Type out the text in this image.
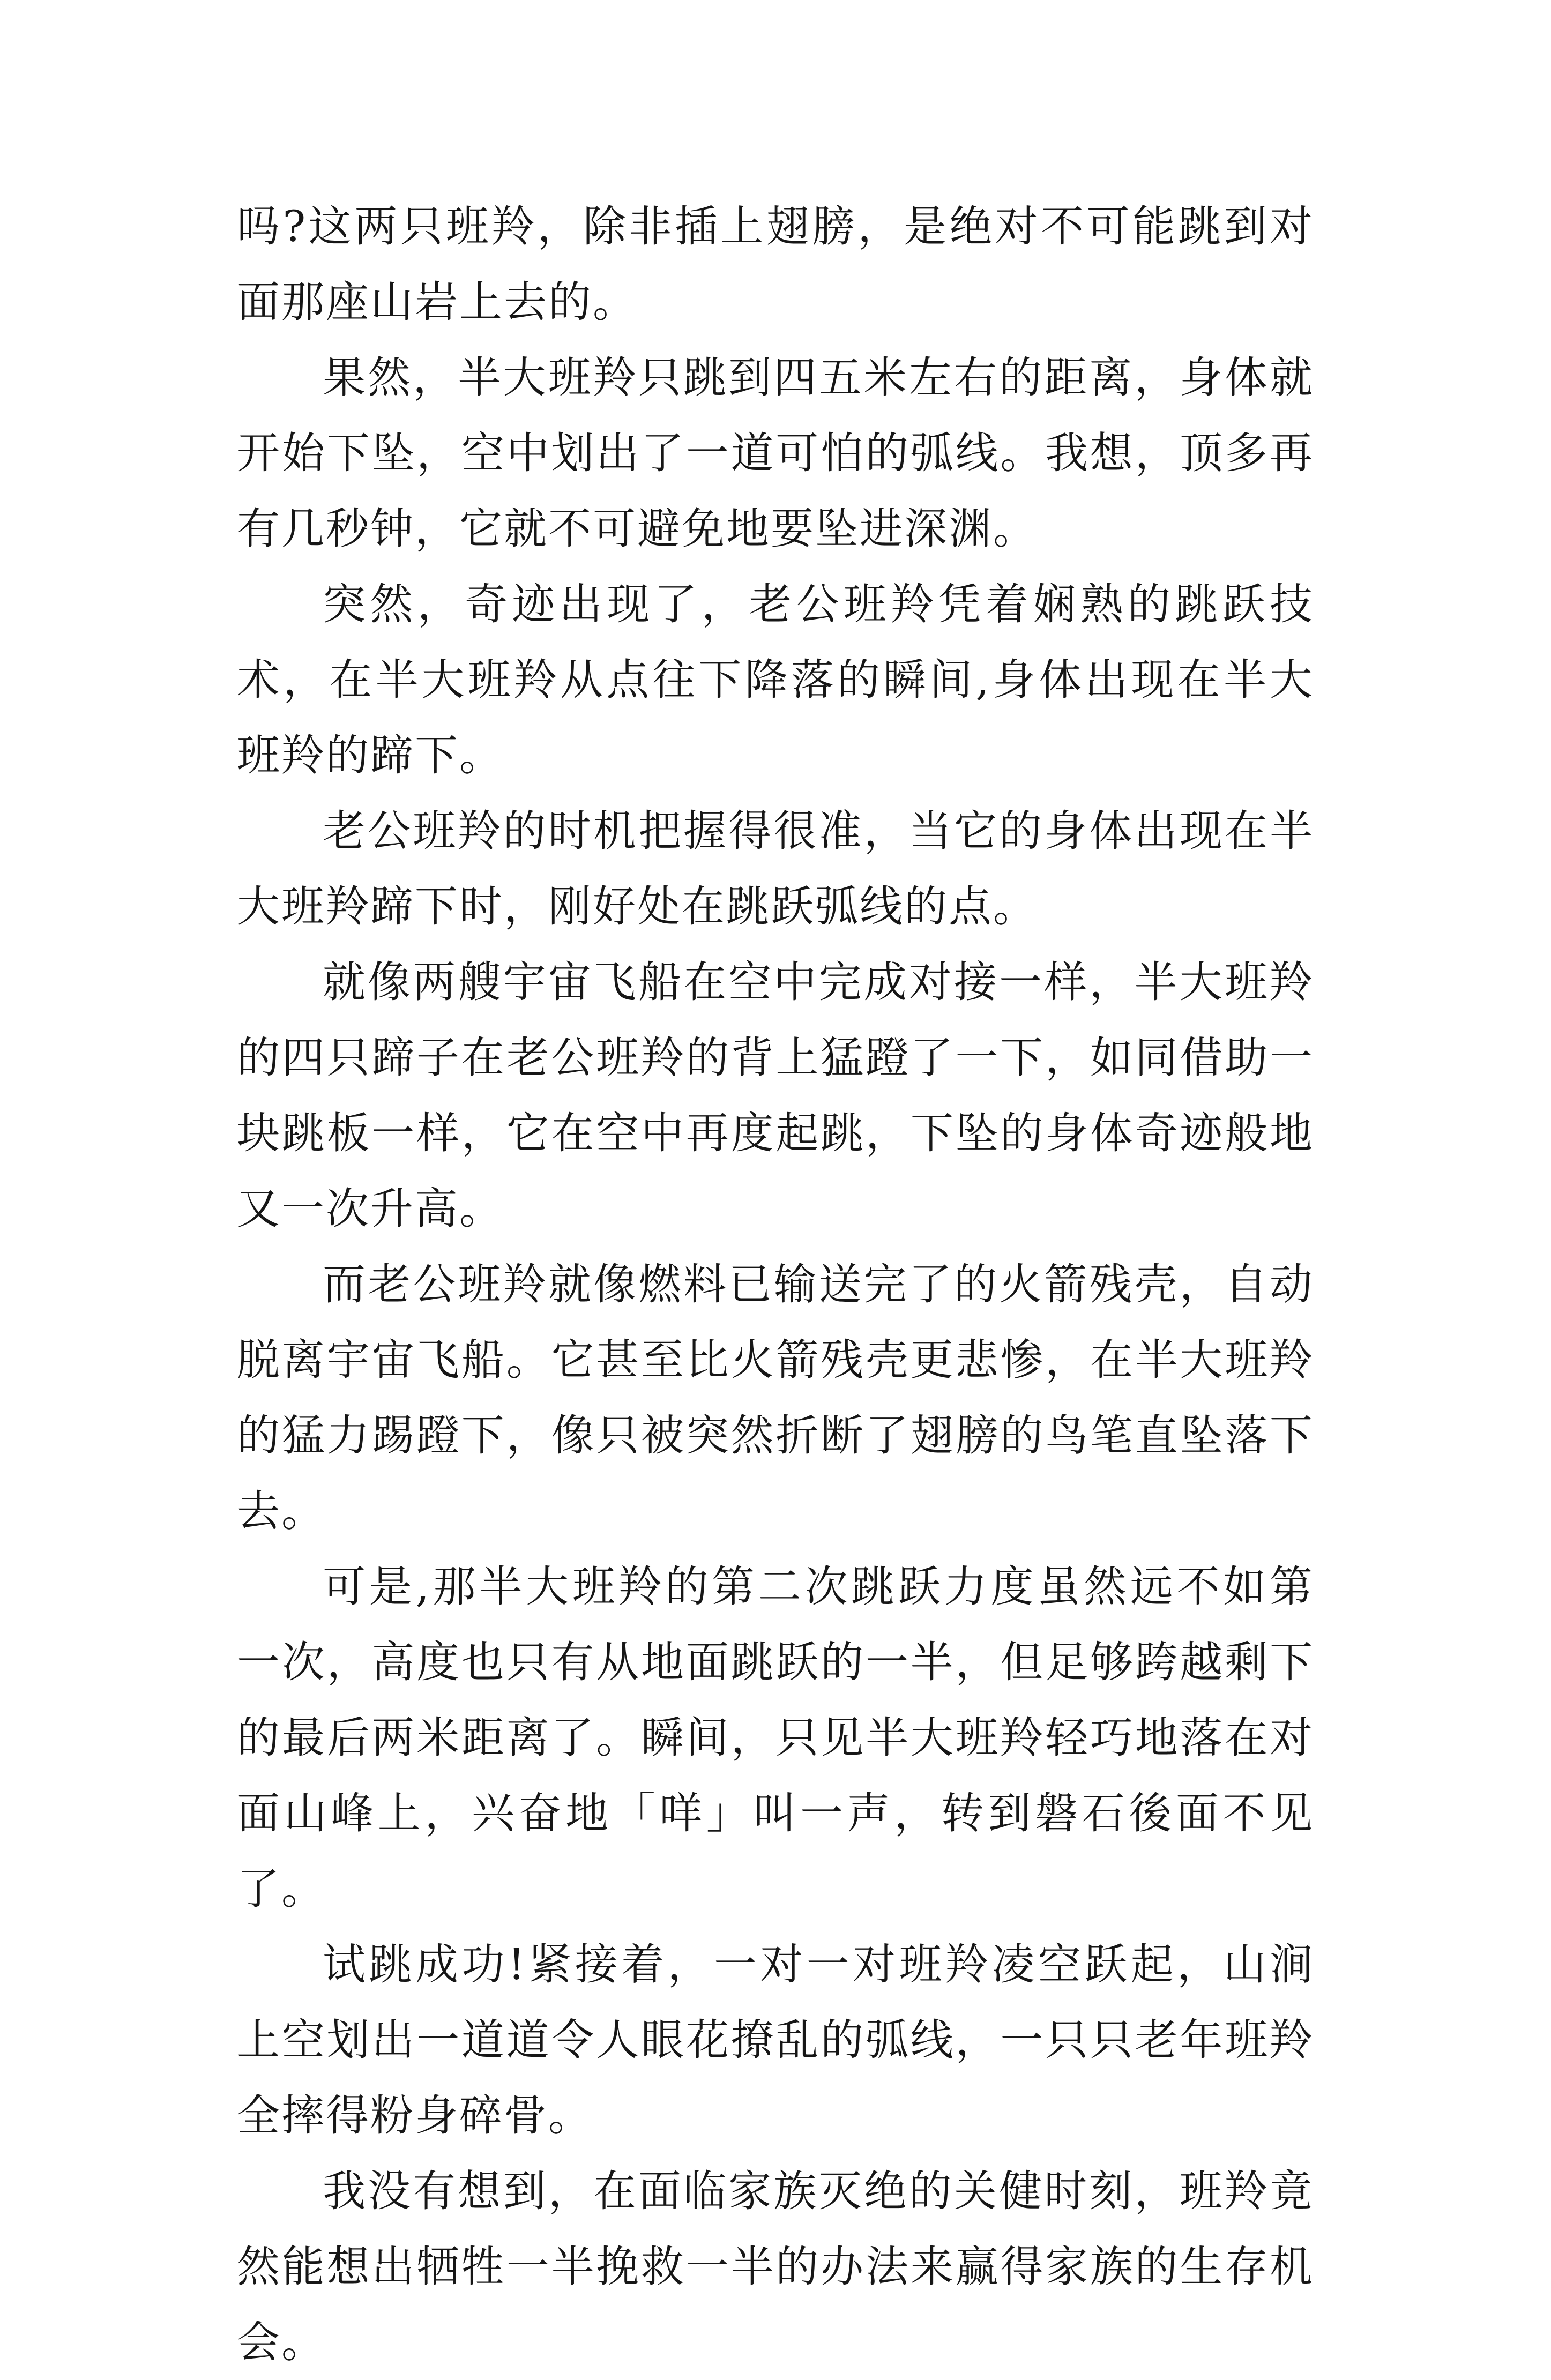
吗?这两只班羚，除非插上翅膀，是绝对不可能跳到对面那座山岩上去的。

果然，半大班羚只跳到四五米左右的距离，身体就开始下坠，空中划出了一道可怕的弧线。我想，顶多再有几秒钟，它就不可避免地要坠进深渊。

突然，奇迹出现了，老公班羚凭着娴熟的跳跃技术，在半大班羚从点往下降落的瞬间,身体出现在半大班羚的蹄下。

老公班羚的时机把握得很准，当它的身体出现在半大班羚蹄下时，刚好处在跳跃弧线的点。

就像两艘宇宙飞船在空中完成对接一样，半大班羚的四只蹄子在老公班羚的背上猛蹬了一下，如同借助一块跳板一样，它在空中再度起跳，下坠的身体奇迹般地又一次升高。

而老公班羚就像燃料已输送完了的火箭残壳，自动脱离宇宙飞船。它甚至比火箭残壳更悲惨，在半大班羚的猛力踢蹬下，像只被突然折断了翅膀的鸟笔直坠落下去。

可是,那半大班羚的第二次跳跃力度虽然远不如第一次，高度也只有从地面跳跃的一半，但足够跨越剩下的最后两米距离了。瞬间，只见半大班羚轻巧地落在对面山峰上，兴奋地「咩」叫一声，转到磐石後面不见了。

试跳成功!紧接着，一对一对班羚凌空跃起，山涧上空划出一道道令人眼花撩乱的弧线，一只只老年班羚全摔得粉身碎骨。

我没有想到，在面临家族灭绝的关健时刻，班羚竟然能想出牺牲一半挽救一半的办法来赢得家族的生存机会。
